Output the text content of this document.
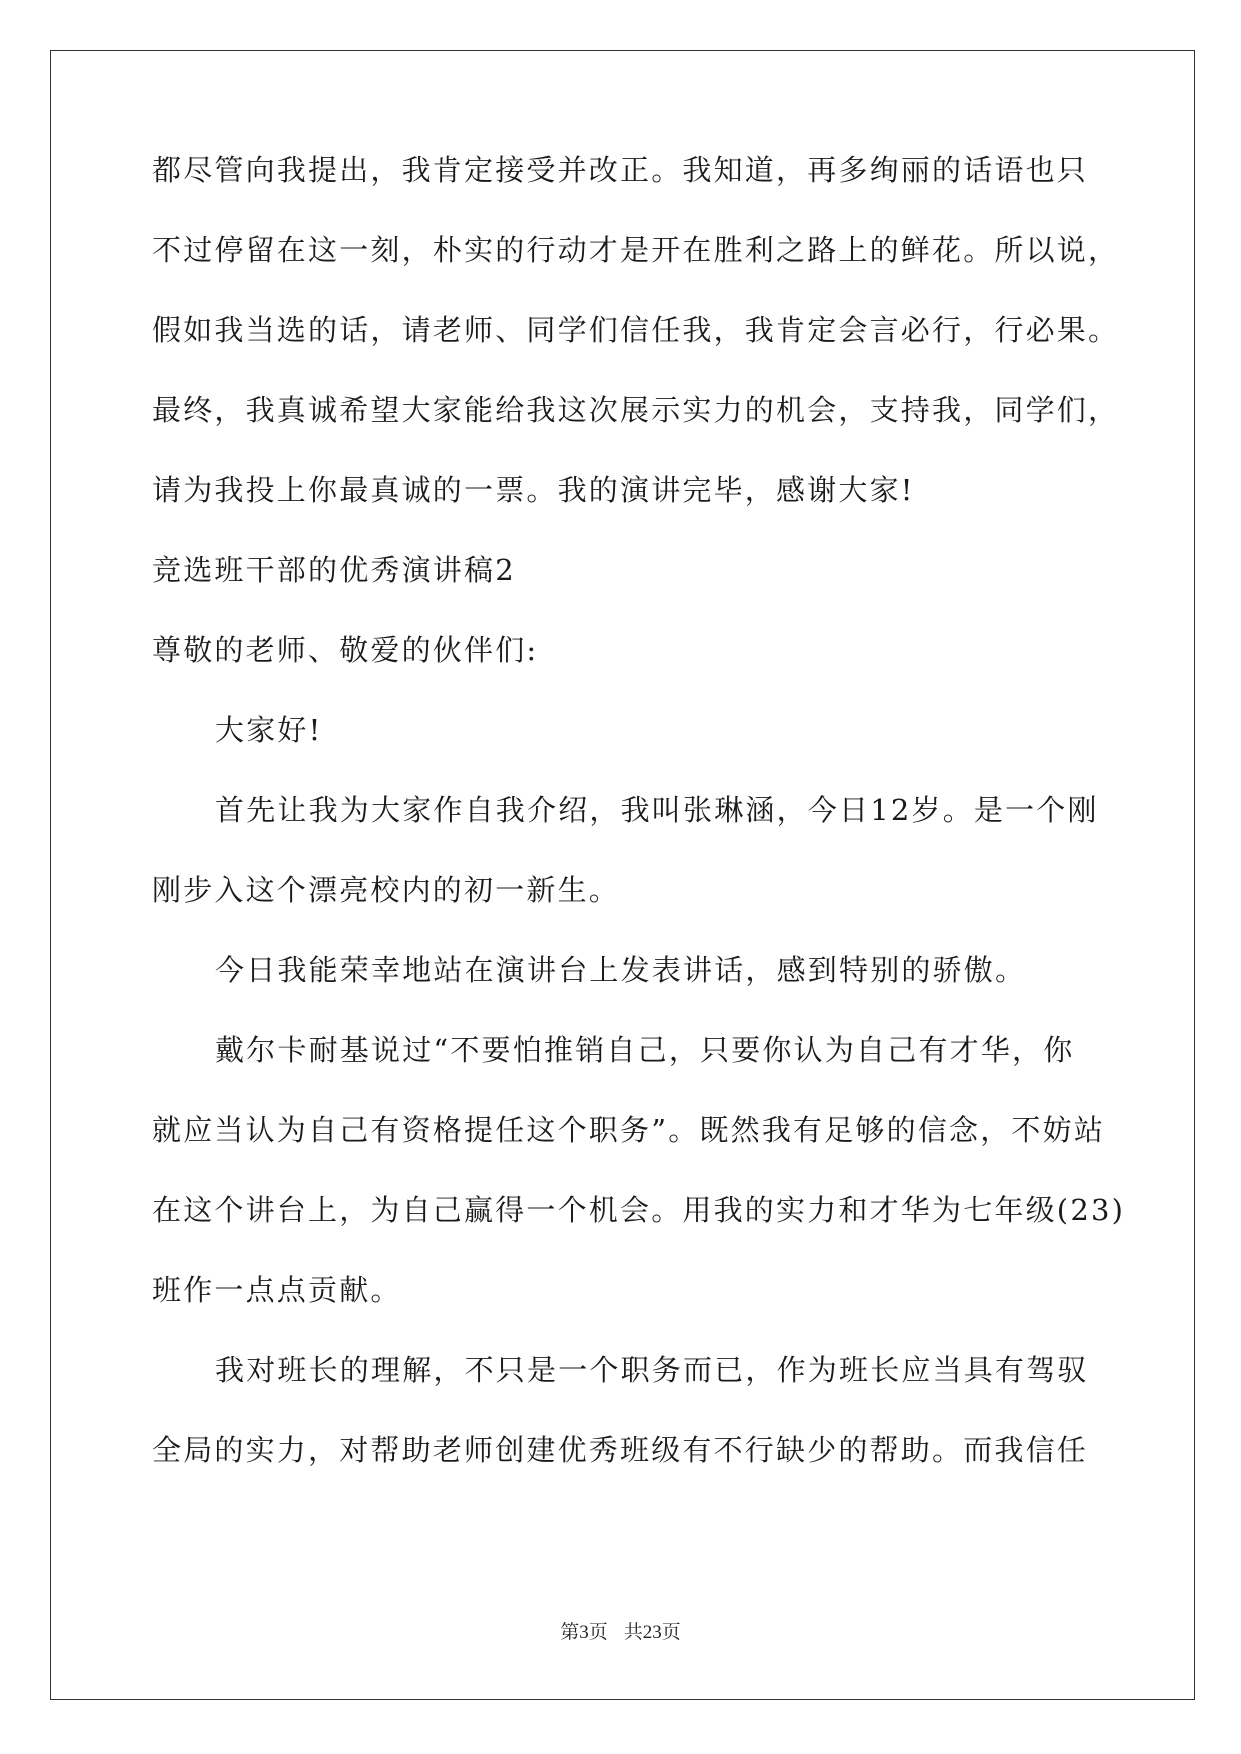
都尽管向我提出，我肯定接受并改正。我知道，再多绚丽的话语也只
不过停留在这一刻，朴实的行动才是开在胜利之路上的鲜花。所以说，
假如我当选的话，请老师、同学们信任我，我肯定会言必行，行必果。
最终，我真诚希望大家能给我这次展示实力的机会，支持我，同学们，
请为我投上你最真诚的一票。我的演讲完毕，感谢大家!
竞选班干部的优秀演讲稿2
尊敬的老师、敬爱的伙伴们:
大家好!
首先让我为大家作自我介绍，我叫张琳涵，今日12岁。是一个刚
刚步入这个漂亮校内的初一新生。
今日我能荣幸地站在演讲台上发表讲话，感到特别的骄傲。
戴尔卡耐基说过“不要怕推销自己，只要你认为自己有才华，你
就应当认为自己有资格提任这个职务”。既然我有足够的信念，不妨站
在这个讲台上，为自己赢得一个机会。用我的实力和才华为七年级(23)
班作一点点贡献。
我对班长的理解，不只是一个职务而已，作为班长应当具有驾驭
全局的实力，对帮助老师创建优秀班级有不行缺少的帮助。而我信任
第3页 共23页
